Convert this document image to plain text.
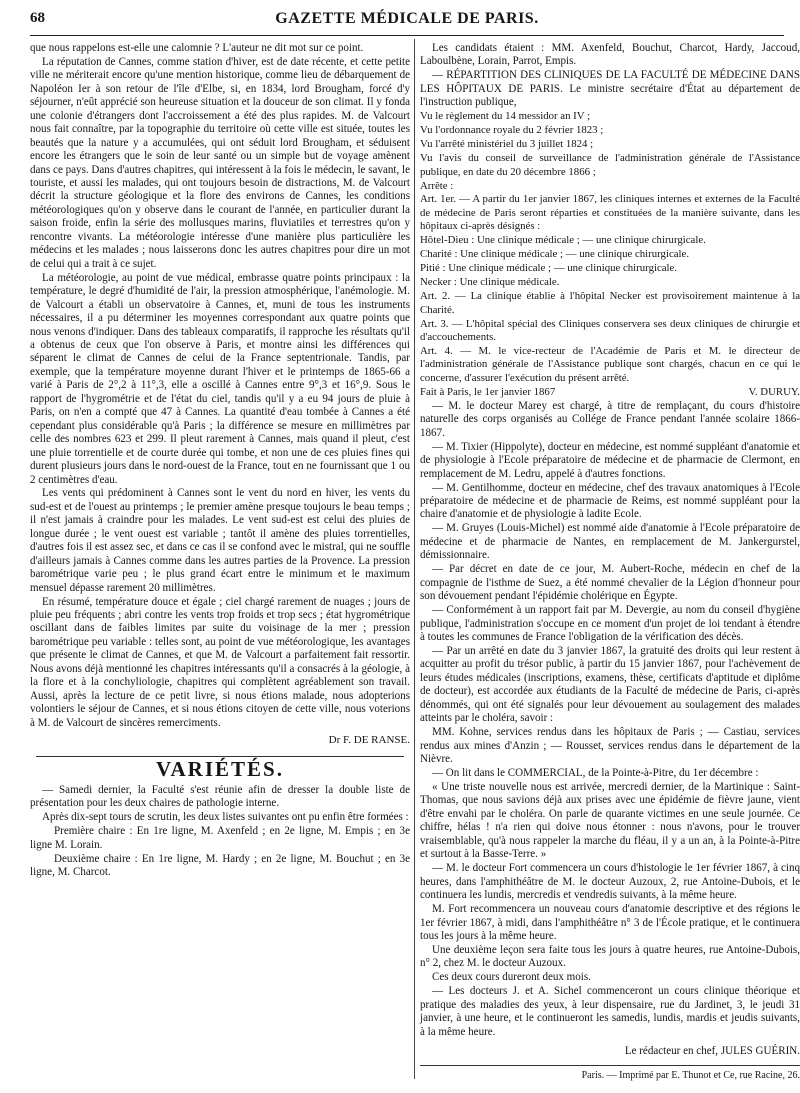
68	GAZETTE MÉDICALE DE PARIS.

que nous rappelons est-elle une calomnie ? L'auteur ne dit mot sur ce point.

La réputation de Cannes, comme station d'hiver, est de date récente, et cette petite ville ne mériterait encore qu'une mention historique, comme lieu de débarquement de Napoléon Ier à son retour de l'île d'Elbe, si, en 1834, lord Brougham, forcé d'y séjourner, n'eût apprécié son heureuse situation et la douceur de son climat. Il y fonda une colonie d'étrangers dont l'accroissement a été des plus rapides. M. de Valcourt nous fait connaître, par la topographie du territoire où cette ville est située, toutes les beautés que la nature y a accumulées, qui ont séduit lord Brougham, et séduisent encore les étrangers que le soin de leur santé ou un simple but de voyage amènent dans ce pays. Dans d'autres chapitres, qui intéressent à la fois le médecin, le savant, le touriste, et aussi les malades, qui ont toujours besoin de distractions, M. de Valcourt décrit la structure géologique et la flore des environs de Cannes, les conditions météorologiques qu'on y observe dans le courant de l'année, en particulier durant la saison froide, enfin la série des mollusques marins, fluviatiles et terrestres qu'on y rencontre vivants. La météorologie intéresse d'une manière plus particulière les médecins et les malades ; nous laisserons donc les autres chapitres pour dire un mot de celui qui a trait à ce sujet.

La météorologie, au point de vue médical, embrasse quatre points principaux : la température, le degré d'humidité de l'air, la pression atmosphérique, l'anémologie. M. de Valcourt a établi un observatoire à Cannes, et, muni de tous les instruments nécessaires, il a pu déterminer les moyennes correspondant aux quatre points que nous venons d'indiquer. Dans des tableaux comparatifs, il rapproche les résultats qu'il a obtenus de ceux que l'on observe à Paris, et montre ainsi les différences qui séparent le climat de Cannes de celui de la France septentrionale. Tandis, par exemple, que la température moyenne durant l'hiver et le printemps de 1865-66 a varié à Paris de 2°,2 à 11°,3, elle a oscillé à Cannes entre 9°,3 et 16°,9. Sous le rapport de l'hygrométrie et de l'état du ciel, tandis qu'il y a eu 94 jours de pluie à Paris, on n'en a compté que 47 à Cannes. La quantité d'eau tombée à Cannes a été cependant plus considérable qu'à Paris ; la différence se mesure en millimètres par celle des nombres 623 et 299. Il pleut rarement à Cannes, mais quand il pleut, c'est une pluie torrentielle et de courte durée qui tombe, et non une de ces pluies fines qui durent plusieurs jours dans le nord-ouest de la France, tout en ne fournissant que 1 ou 2 centimètres d'eau.

Les vents qui prédominent à Cannes sont le vent du nord en hiver, les vents du sud-est et de l'ouest au printemps ; le premier amène presque toujours le beau temps ; il n'est jamais à craindre pour les malades. Le vent sud-est est celui des pluies de longue durée ; le vent ouest est variable ; tantôt il amène des pluies torrentielles, d'autres fois il est assez sec, et dans ce cas il se confond avec le mistral, qui ne souffle d'ailleurs jamais à Cannes comme dans les autres parties de la Provence. La pression barométrique varie peu ; le plus grand écart entre le minimum et le maximum mensuel dépasse rarement 20 millimètres.

En résumé, température douce et égale ; ciel chargé rarement de nuages ; jours de pluie peu fréquents ; abri contre les vents trop froids et trop secs ; état hygrométrique oscillant dans de faibles limites par suite du voisinage de la mer ; pression barométrique peu variable : telles sont, au point de vue météorologique, les avantages que présente le climat de Cannes, et que M. de Valcourt a parfaitement fait ressortir. Nous avons déjà mentionné les chapitres intéressants qu'il a consacrés à la géologie, à la flore et à la conchyliologie, chapitres qui complètent agréablement son travail. Aussi, après la lecture de ce petit livre, si nous étions malade, nous adopterions volontiers le séjour de Cannes, et si nous étions citoyen de cette ville, nous voterions à M. de Valcourt de sincères remerciments.

Dr F. DE RANSE.

VARIÉTÉS.

— Samedi dernier, la Faculté s'est réunie afin de dresser la double liste de présentation pour les deux chaires de pathologie interne.

Après dix-sept tours de scrutin, les deux listes suivantes ont pu enfin être formées :

Première chaire : En 1re ligne, M. Axenfeld ; en 2e ligne, M. Empis ; en 3e ligne M. Lorain.

Deuxième chaire : En 1re ligne, M. Hardy ; en 2e ligne, M. Bouchut ; en 3e ligne, M. Charcot.

Les candidats étaient : MM. Axenfeld, Bouchut, Charcot, Hardy, Jaccoud, Laboulbène, Lorain, Parrot, Empis.

— RÉPARTITION DES CLINIQUES DE LA FACULTÉ DE MÉDECINE DANS LES HÔPITAUX DE PARIS. Le ministre secrétaire d'État au département de l'instruction publique,

Vu le règlement du 14 messidor an IV ;

Vu l'ordonnance royale du 2 février 1823 ;

Vu l'arrêté ministériel du 3 juillet 1824 ;

Vu l'avis du conseil de surveillance de l'administration générale de l'Assistance publique, en date du 20 décembre 1866 ;

Arrête :

Art. 1er. — A partir du 1er janvier 1867, les cliniques internes et externes de la Faculté de médecine de Paris seront réparties et constituées de la manière suivante, dans les hôpitaux ci-après désignés :

Hôtel-Dieu : Une clinique médicale ; — une clinique chirurgicale.

Charité : Une clinique médicale ; — une clinique chirurgicale.

Pitié : Une clinique médicale ; — une clinique chirurgicale.

Necker : Une clinique médicale.

Art. 2. — La clinique établie à l'hôpital Necker est provisoirement maintenue à la Charité.

Art. 3. — L'hôpital spécial des Cliniques conservera ses deux cliniques de chirurgie et d'accouchements.

Art. 4. — M. le vice-recteur de l'Académie de Paris et M. le directeur de l'administration générale de l'Assistance publique sont chargés, chacun en ce qui le concerne, d'assurer l'exécution du présent arrêté.

Fait à Paris, le 1er janvier 1867	V. DURUY.

— M. le docteur Marey est chargé, à titre de remplaçant, du cours d'histoire naturelle des corps organisés au Collége de France pendant l'année scolaire 1866-1867.

— M. Tixier (Hippolyte), docteur en médecine, est nommé suppléant d'anatomie et de physiologie à l'Ecole préparatoire de médecine et de pharmacie de Clermont, en remplacement de M. Ledru, appelé à d'autres fonctions.

— M. Gentilhomme, docteur en médecine, chef des travaux anatomiques à l'Ecole préparatoire de médecine et de pharmacie de Reims, est nommé suppléant pour la chaire d'anatomie et de physiologie à ladite Ecole.

— M. Gruyes (Louis-Michel) est nommé aide d'anatomie à l'Ecole préparatoire de médecine et de pharmacie de Nantes, en remplacement de M. Jankergurstel, démissionnaire.

— Par décret en date de ce jour, M. Aubert-Roche, médecin en chef de la compagnie de l'isthme de Suez, a été nommé chevalier de la Légion d'honneur pour son dévouement pendant l'épidémie cholérique en Égypte.

— Conformément à un rapport fait par M. Devergie, au nom du conseil d'hygiène publique, l'administration s'occupe en ce moment d'un projet de loi tendant à étendre à toutes les communes de France l'obligation de la vérification des décès.

— Par un arrêté en date du 3 janvier 1867, la gratuité des droits qui leur restent à acquitter au profit du trésor public, à partir du 15 janvier 1867, pour l'achèvement de leurs études médicales (inscriptions, examens, thèse, certificats d'aptitude et diplôme de docteur), est accordée aux étudiants de la Faculté de médecine de Paris, ci-après dénommés, qui ont été signalés pour leur dévouement au soulagement des malades atteints par le choléra, savoir :

MM. Kohne, services rendus dans les hôpitaux de Paris ; — Castiau, services rendus aux mines d'Anzin ; — Rousset, services rendus dans le département de la Nièvre.

— On lit dans le COMMERCIAL, de la Pointe-à-Pitre, du 1er décembre :

« Une triste nouvelle nous est arrivée, mercredi dernier, de la Martinique : Saint-Thomas, que nous savions déjà aux prises avec une épidémie de fièvre jaune, vient d'être envahi par le choléra. On parle de quarante victimes en une seule journée. Ce chiffre, hélas ! n'a rien qui doive nous étonner : nous n'avons, pour le trouver vraisemblable, qu'à nous rappeler la marche du fléau, il y a un an, à la Pointe-à-Pitre et surtout à la Basse-Terre. »

— M. le docteur Fort commencera un cours d'histologie le 1er février 1867, à cinq heures, dans l'amphithéâtre de M. le docteur Auzoux, 2, rue Antoine-Dubois, et le continuera les lundis, mercredis et vendredis suivants, à la même heure.

M. Fort recommencera un nouveau cours d'anatomie descriptive et des régions le 1er février 1867, à midi, dans l'amphithéâtre n° 3 de l'École pratique, et le continuera tous les jours à la même heure.

Une deuxième leçon sera faite tous les jours à quatre heures, rue Antoine-Dubois, n° 2, chez M. le docteur Auzoux.

Ces deux cours dureront deux mois.

— Les docteurs J. et A. Sichel commenceront un cours clinique théorique et pratique des maladies des yeux, à leur dispensaire, rue du Jardinet, 3, le jeudi 31 janvier, à une heure, et le continueront les samedis, lundis, mardis et jeudis suivants, à la même heure.

Le rédacteur en chef, JULES GUÉRIN.

Paris. — Imprimé par E. Thunot et Ce, rue Racine, 26.
